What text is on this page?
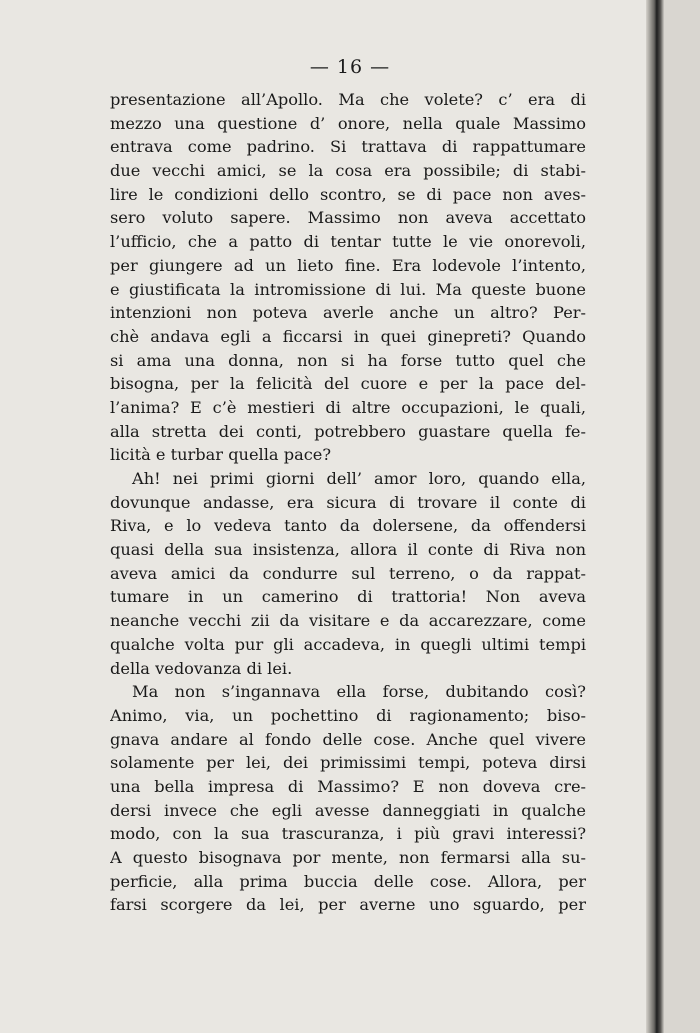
— 16 —
presentazione all’Apollo. Ma che volete? c’ era di
mezzo una questione d’ onore, nella quale Massimo
entrava come padrino. Si trattava di rappattumare
due vecchi amici, se la cosa era possibile; di stabi-
lire le condizioni dello scontro, se di pace non aves-
sero voluto sapere. Massimo non aveva accettato
l’ufficio, che a patto di tentar tutte le vie onorevoli,
per giungere ad un lieto fine. Era lodevole l’intento,
e giustificata la intromissione di lui. Ma queste buone
intenzioni non poteva averle anche un altro? Per-
chè andava egli a ficcarsi in quei ginepreti? Quando
si ama una donna, non si ha forse tutto quel che
bisogna, per la felicità del cuore e per la pace del-
l’anima? E c’è mestieri di altre occupazioni, le quali,
alla stretta dei conti, potrebbero guastare quella fe-
licità e turbar quella pace?
Ah! nei primi giorni dell’ amor loro, quando ella,
dovunque andasse, era sicura di trovare il conte di
Riva, e lo vedeva tanto da dolersene, da offendersi
quasi della sua insistenza, allora il conte di Riva non
aveva amici da condurre sul terreno, o da rappat-
tumare in un camerino di trattoria! Non aveva
neanche vecchi zii da visitare e da accarezzare, come
qualche volta pur gli accadeva, in quegli ultimi tempi
della vedovanza di lei.
Ma non s’ingannava ella forse, dubitando così?
Animo, via, un pochettino di ragionamento; biso-
gnava andare al fondo delle cose. Anche quel vivere
solamente per lei, dei primissimi tempi, poteva dirsi
una bella impresa di Massimo? E non doveva cre-
dersi invece che egli avesse danneggiati in qualche
modo, con la sua trascuranza, i più gravi interessi?
A questo bisognava por mente, non fermarsi alla su-
perficie, alla prima buccia delle cose. Allora, per
farsi scorgere da lei, per averne uno sguardo, per
